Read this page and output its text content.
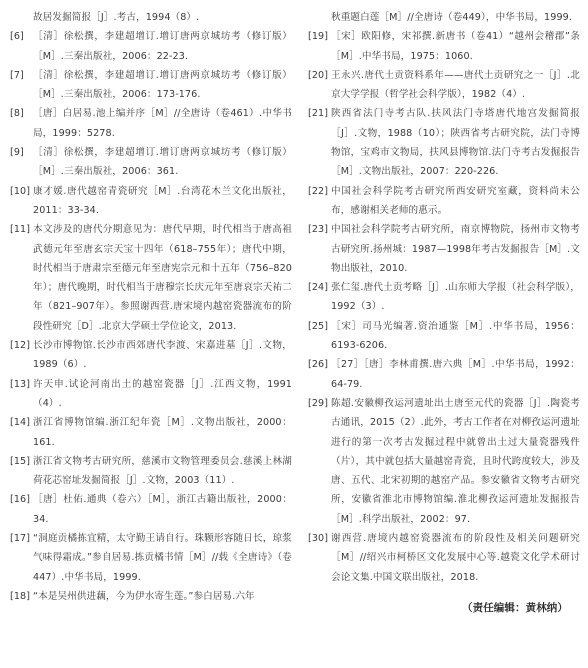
故居发掘简报［J］.考古，1994（8）.
[6] ［清］徐松撰，李建超增订.增订唐两京城坊考（修订版）［M］.三秦出版社，2006：22-23.
[7] ［清］徐松撰，李建超增订.增订唐两京城坊考（修订版）［M］.三秦出版社，2006：173-176.
[8] ［唐］白居易.池上编并序［M］//全唐诗（卷461）.中华书局，1999：5278.
[9] ［清］徐松撰，李建超增订.增订唐两京城坊考（修订版）［M］.三秦出版社，2006：361.
[10] 康才媛.唐代越窑青瓷研究［M］.台湾花木兰文化出版社，2011：33-34.
[11] 本文涉及的唐代分期意见为：唐代早期，时代相当于唐高祖武德元年至唐玄宗天宝十四年（618–755年）；唐代中期，时代相当于唐肃宗至德元年至唐宪宗元和十五年（756–820年）；唐代晚期，时代相当于唐穆宗长庆元年至唐哀宗天祐二年（821–907年）。参照谢西营.唐宋境内越窑瓷器流布的阶段性研究［D］.北京大学硕士学位论文，2013.
[12] 长沙市博物馆.长沙市西郊唐代李渡、宋嘉进墓［J］.文物，1989（6）.
[13] 许天申.试论河南出土的越窑瓷器［J］.江西文物，1991（4）.
[14] 浙江省博物馆编.浙江纪年瓷［M］.文物出版社，2000：161.
[15] 浙江省文物考古研究所，慈溪市文物管理委员会.慈溪上林湖荷花芯窑址发掘简报［J］.文物，2003（11）.
[16] ［唐］杜佑.通典（卷六）［M］，浙江古籍出版社，2000：34.
[17] “洞庭贡橘拣宜精，太守勤王请自行。珠颗形容随日长，琼浆气味得霜成。”参自居易.拣贡橘书情［M］//载《全唐诗》（卷447）.中华书局，1999.
[18] “本是吴州供进藕，今为伊水寄生莲。”参白居易.六年
秋重题白莲［M］//全唐诗（卷449），中华书局，1999.
[19] ［宋］欧阳修，宋祁撰.新唐书（卷41）“越州会稽郡”条［M］.中华书局，1975：1060.
[20] 王永兴.唐代土贡资料系年——唐代土贡研究之一［J］.北京大学学报（哲学社会科学版），1982（4）.
[21] 陕西省法门寺考古队.扶风法门寺塔唐代地宫发掘简报［J］.文物，1988（10）；陕西省考古研究院，法门寺博物馆，宝鸡市文物局，扶风县博物馆.法门寺考古发掘报告［M］.文物出版社，2007：220-226.
[22] 中国社会科学院考古研究所西安研究室藏，资料尚未公布，感谢相关老师的惠示。
[23] 中国社会科学院考古研究所，南京博物院，扬州市文物考古研究所.扬州城：1987—1998年考古发掘报告［M］.文物出版社，2010.
[24] 张仁玺.唐代土贡考略［J］.山东师大学报（社会科学版），1992（3）.
[25] ［宋］司马光编著.资治通鉴［M］.中华书局，1956：6193-6206.
[26] ［27］［唐］李林甫撰.唐六典［M］.中华书局，1992：64-79.
[29] 陈超.安徽柳孜运河遗址出土唐至元代的瓷器［J］.陶瓷考古通讯，2015（2）.此外，考古工作者在对柳孜运河遗址进行的第一次考古发掘过程中就曾出土过大量瓷器残件（片），其中就包括大量越窑青瓷，且时代跨度较大，涉及唐、五代、北宋初期的越窑产品。参安徽省文物考古研究所，安徽省淮北市博物馆编.淮北柳孜运河遗址发掘报告［M］.科学出版社，2002：97.
[30] 谢西营.唐境内越窑瓷器流布的阶段性及相关问题研究［M］//绍兴市柯桥区文化发展中心等.越瓷文化学术研讨会论文集.中国文联出版社，2018.
（责任编辑：黄林纳）
